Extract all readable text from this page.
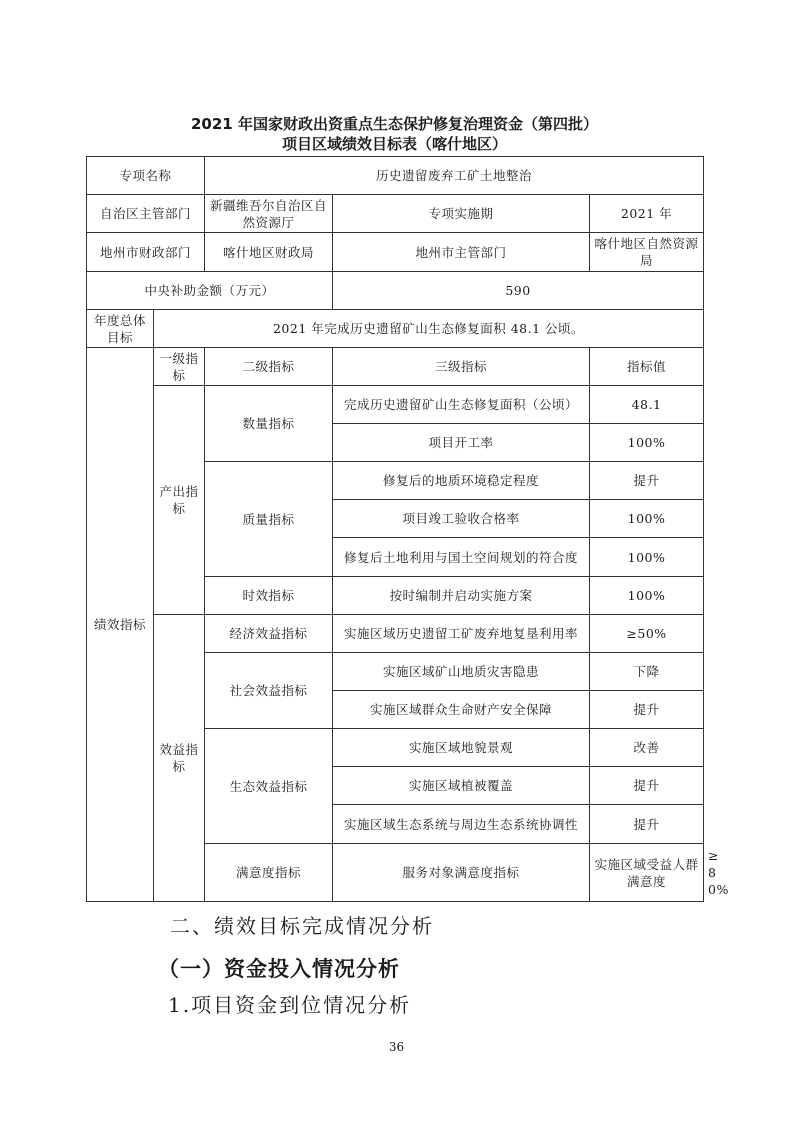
2021 年国家财政出资重点生态保护修复治理资金（第四批）
项目区域绩效目标表（喀什地区）
专项名称		历史遗留废弃工矿土地整治			
自治区主管部门		新疆维吾尔自治区自然资源厅	专项实施期	2021 年	
地州市财政部门		喀什地区财政局	地州市主管部门	喀什地区自然资源局	
中央补助金额（万元）			590		
年度总体目标	2021 年完成历史遗留矿山生态修复面积 48.1 公顷。				
绩效指标	一级指标	二级指标	三级指标	指标值	
	产出指标	数量指标	完成历史遗留矿山生态修复面积（公顷）	48.1	
			项目开工率	100%	
		质量指标	修复后的地质环境稳定程度	提升	
			项目竣工验收合格率	100%	
			修复后土地利用与国土空间规划的符合度	100%	
		时效指标	按时编制并启动实施方案	100%	
	效益指标	经济效益指标	实施区域历史遗留工矿废弃地复垦利用率	≥50%	
		社会效益指标	实施区域矿山地质灾害隐患	下降	
			实施区域群众生命财产安全保障	提升	
		生态效益指标	实施区域地貌景观	改善	
			实施区域植被覆盖	提升	
			实施区域生态系统与周边生态系统协调性	提升	
		满意度指标	服务对象满意度指标	实施区域受益人群满意度	≥80%
二、绩效目标完成情况分析
（一）资金投入情况分析
1.项目资金到位情况分析
36
